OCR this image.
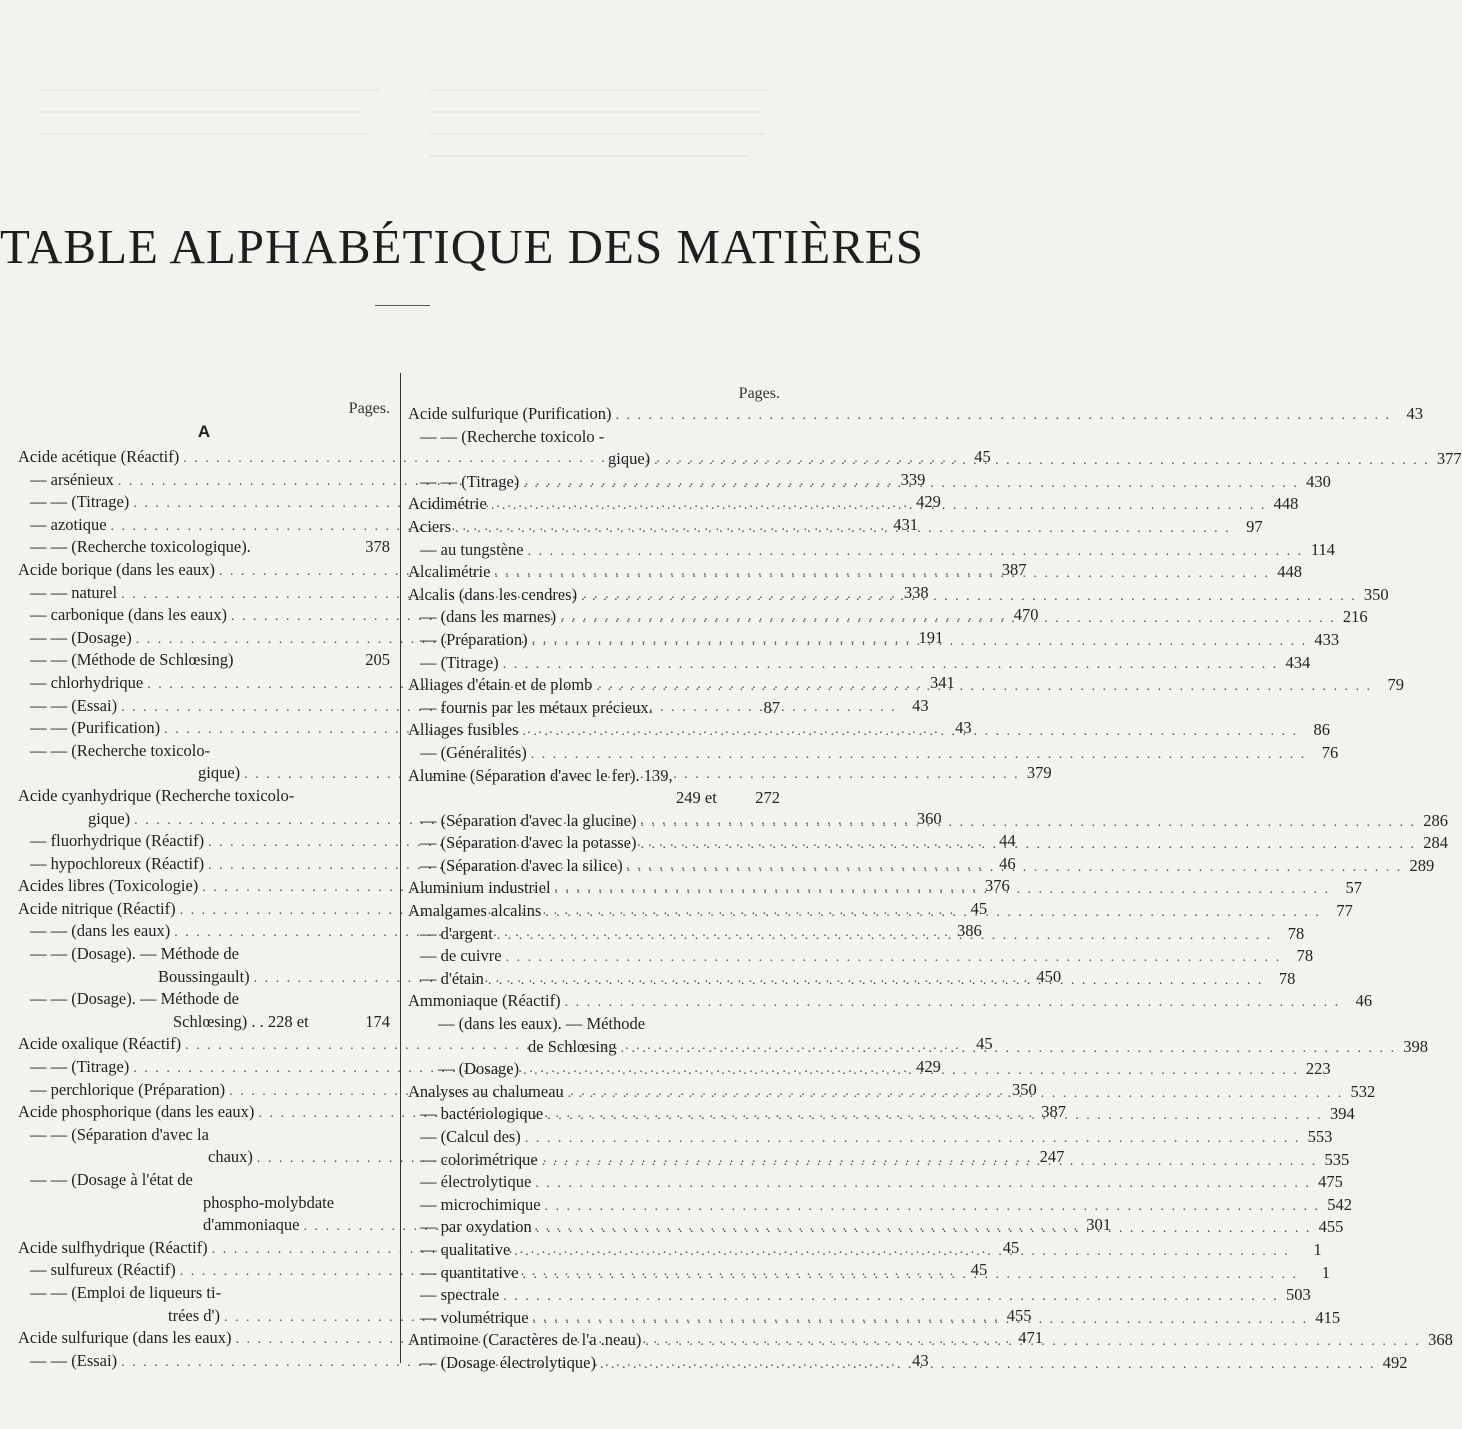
TABLE ALPHABÉTIQUE DES MATIÈRES
Pages.
A
Acide acétique (Réactif) . . .	45
— arsénieux . . .	339
— — (Titrage) . . .	429
— azotique . . .	431
— — (Recherche toxicologique).	378
Acide borique (dans les eaux) . . .	387
— — naturel . . .	338
— carbonique (dans les eaux) . . .	470
— — (Dosage) . . .	191
— — (Méthode de Schlœsing)	205
— chlorhydrique . . .	341
— — (Essai) . . .	43
— — (Purification) . . .	43
— — (Recherche toxicolo-
gique) . . .	379
Acide cyanhydrique (Recherche toxicolo-
gique) . . .	360
— fluorhydrique (Réactif) . . .	44
— hypochloreux (Réactif) . . .	46
Acides libres (Toxicologie) . . .	376
Acide nitrique (Réactif) . . .	45
— — (dans les eaux) . . .	386
— — (Dosage). — Méthode de
Boussingault) . . .	450
— — (Dosage). — Méthode de
Schlœsing) . . 228 et	174
Acide oxalique (Réactif) . . .	45
— — (Titrage) . . .	429
— perchlorique (Préparation) . . .	350
Acide phosphorique (dans les eaux) . . .	387
— — (Séparation d'avec la
chaux) . . .	247
— — (Dosage à l'état de
phospho-molybdate
d'ammoniaque . . .	301
Acide sulfhydrique (Réactif) . . .	45
— sulfureux (Réactif) . . .	45
— — (Emploi de liqueurs ti-
trées d') . . .	455
Acide sulfurique (dans les eaux) . . .	471
— — (Essai) . . .	43
Pages.
Acide sulfurique (Purification) . . .	43
— — (Recherche toxicolo -
gique) . . .	377
— — (Titrage) . . .	430
Acidimétrie . . .	448
Aciers . . .	97
— au tungstène . . .	114
Alcalimétrie . . .	448
Alcalis (dans les cendres) . . .	350
— (dans les marnes) . . .	216
— (Préparation) . . .	433
— (Titrage) . . .	434
Alliages d'étain et de plomb . . .	79
— fournis par les métaux précieux.	87
Alliages fusibles . . .	86
— (Généralités) . . .	76
Alumine (Séparation d'avec le fer). 139,
249 et 272
— (Séparation d'avec la glucine) . . .	286
— (Séparation d'avec la potasse) . . .	284
— (Séparation d'avec la silice) . . .	289
Aluminium industriel . . .	57
Amalgames alcalins . . .	77
— d'argent . . .	78
— de cuivre . . .	78
— d'étain . . .	78
Ammoniaque (Réactif) . . .	46
— (dans les eaux). — Méthode
de Schlœsing . . .	398
— (Dosage) . . .	223
Analyses au chalumeau . . .	532
— bactériologique . . .	394
— (Calcul des) . . .	553
— colorimétrique . . .	535
— électrolytique . . .	475
— microchimique . . .	542
— par oxydation . . .	455
— qualitative . . .	1
— quantitative . . .	1
— spectrale . . .	503
— volumétrique . . .	415
Antimoine (Caractères de l'a .neau) . . .	368
— (Dosage électrolytique) . . .	492
